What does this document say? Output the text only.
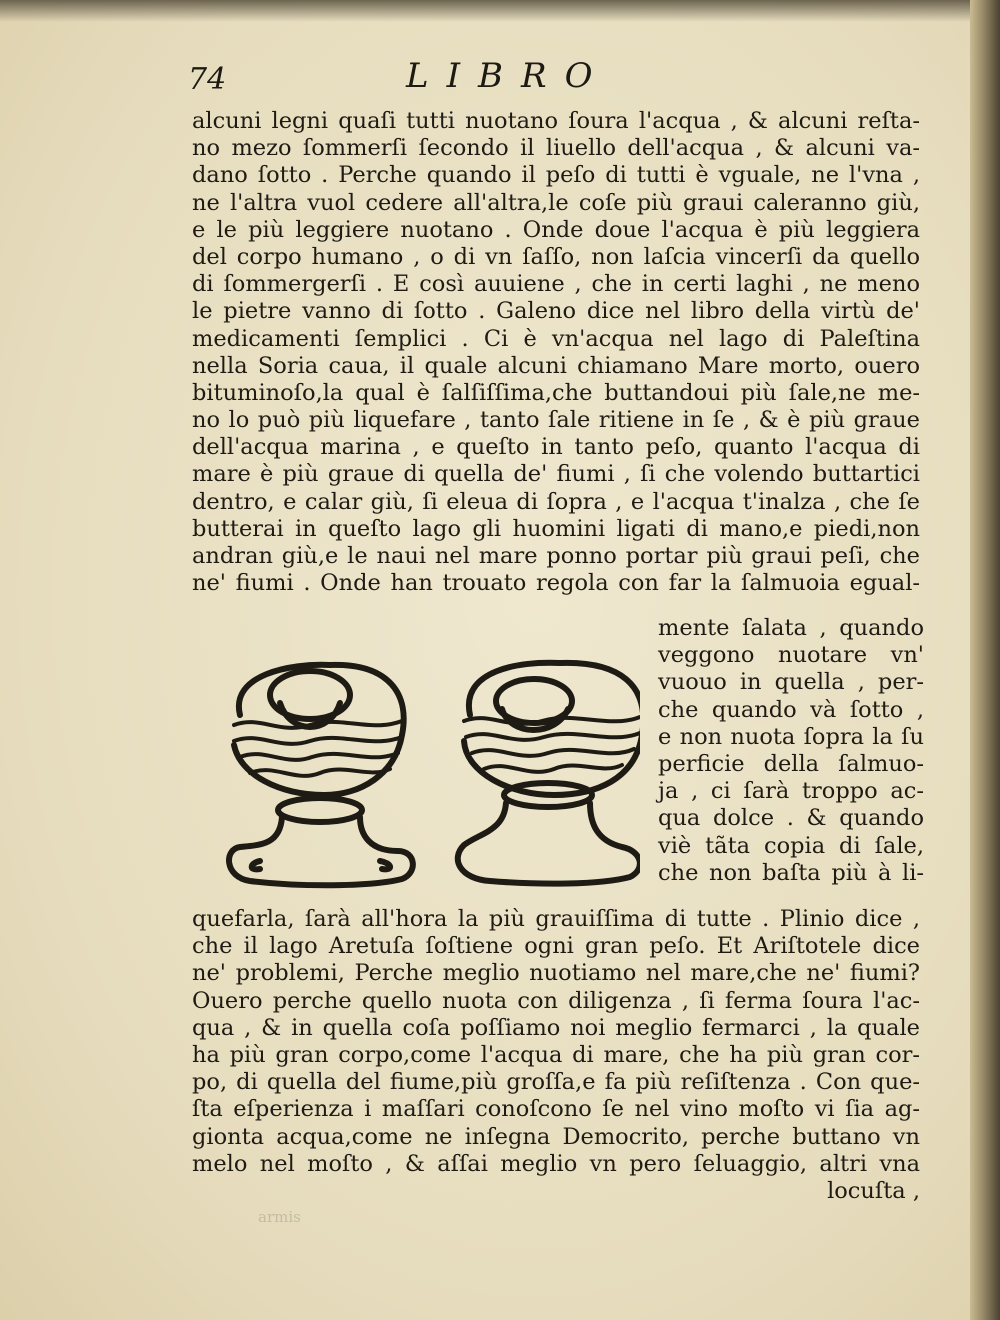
74	LIBRO
alcuni legni quaſi tutti nuotano ſoura l'acqua , & alcuni reſta-
no mezo ſommerſi ſecondo il liuello dell'acqua , & alcuni va-
dano ſotto . Perche quando il peſo di tutti è vguale, ne l'vna ,
ne l'altra vuol cedere all'altra,le coſe più graui caleranno giù,
e le più leggiere nuotano . Onde doue l'acqua è più leggiera
del corpo humano , o di vn ſaſſo, non laſcia vincerſi da quello
di ſommergerſi . E così auuiene , che in certi laghi , ne meno
le pietre vanno di ſotto . Galeno dice nel libro della virtù de'
medicamenti ſemplici . Ci è vn'acqua nel lago di Paleſtina
nella Soria caua, il quale alcuni chiamano Mare morto, ouero
bituminoſo,la qual è ſalſiſſima,che buttandoui più ſale,ne me-
no lo può più liquefare , tanto ſale ritiene in ſe , & è più graue
dell'acqua marina , e queſto in tanto peſo, quanto l'acqua di
mare è più graue di quella de' fiumi , ſi che volendo buttartici
dentro, e calar giù, ſi eleua di ſopra , e l'acqua t'inalza , che ſe
butterai in queſto lago gli huomini ligati di mano,e piedi,non
andran giù,e le naui nel mare ponno portar più graui peſi, che
ne' fiumi . Onde han trouato regola con far la ſalmuoia egual-
mente ſalata , quando
veggono nuotare vn'
vuouo in quella , per-
che quando và ſotto ,
e non nuota ſopra la ſu
perficie della ſalmuo-
ja , ci ſarà troppo ac-
qua dolce . & quando
viè tãta copia di ſale,
che non baſta più à li-
quefarla, ſarà all'hora la più grauiſſima di tutte . Plinio dice ,
che il lago Aretuſa ſoſtiene ogni gran peſo. Et Ariſtotele dice
ne' problemi, Perche meglio nuotiamo nel mare,che ne' fiumi?
Ouero perche quello nuota con diligenza , ſi ferma ſoura l'ac-
qua , & in quella coſa poſſiamo noi meglio fermarci , la quale
ha più gran corpo,come l'acqua di mare, che ha più gran cor-
po, di quella del fiume,più groſſa,e fa più reſiſtenza . Con que-
ſta eſperienza i maſſari conoſcono ſe nel vino moſto vi ſia ag-
gionta acqua,come ne inſegna Democrito, perche buttano vn
melo nel moſto , & aſſai meglio vn pero ſeluaggio, altri vna
locuſta ,
armis
